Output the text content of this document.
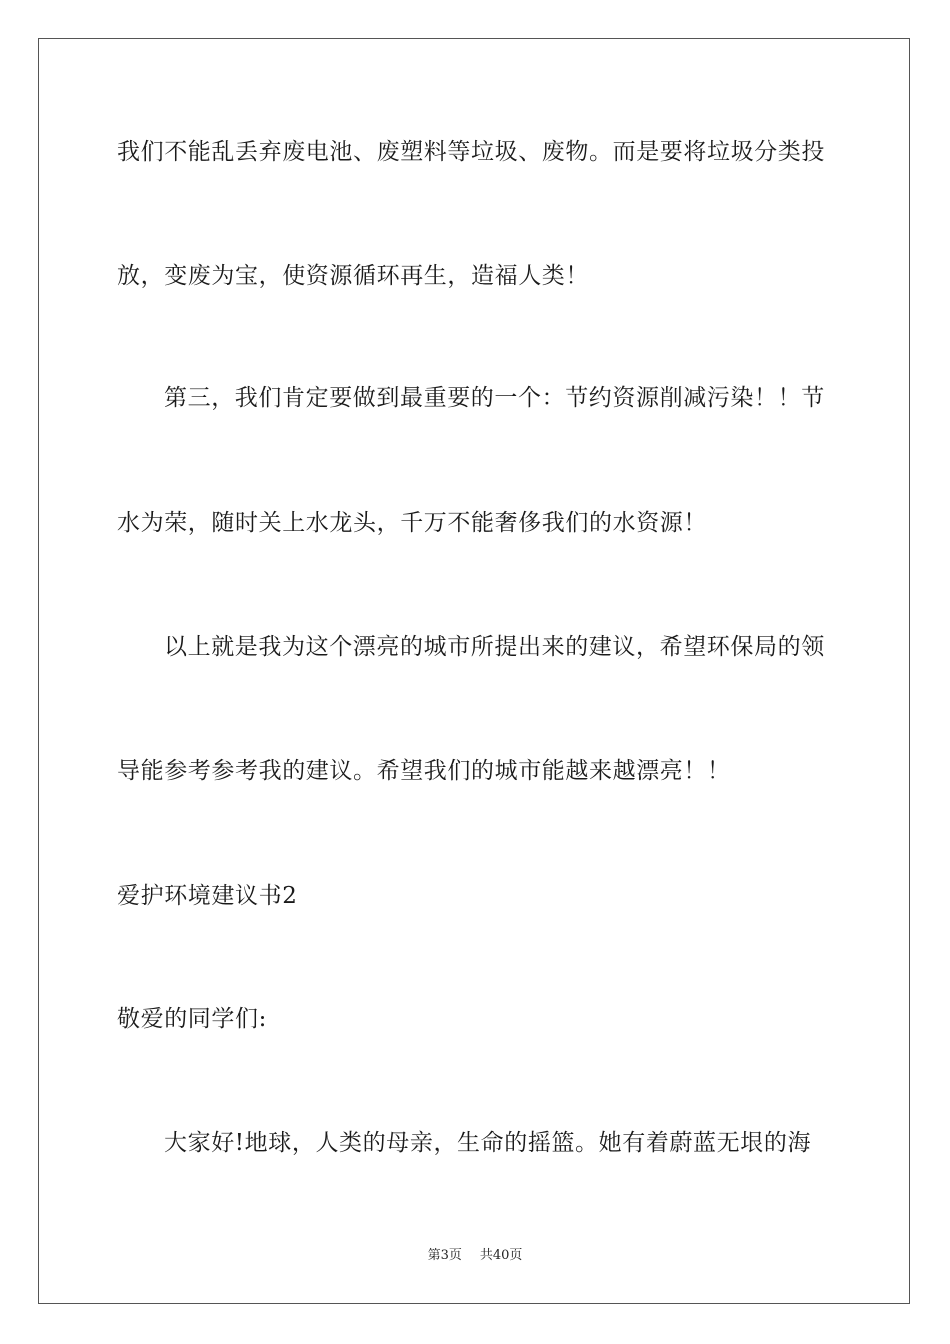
我们不能乱丢弃废电池、废塑料等垃圾、废物。而是要将垃圾分类投
放，变废为宝，使资源循环再生，造福人类！
第三，我们肯定要做到最重要的一个：节约资源削减污染！！节
水为荣，随时关上水龙头，千万不能奢侈我们的水资源！
以上就是我为这个漂亮的城市所提出来的建议，希望环保局的领
导能参考参考我的建议。希望我们的城市能越来越漂亮！！
爱护环境建议书2
敬爱的同学们:
大家好!地球，人类的母亲，生命的摇篮。她有着蔚蓝无垠的海
第3页 共40页
